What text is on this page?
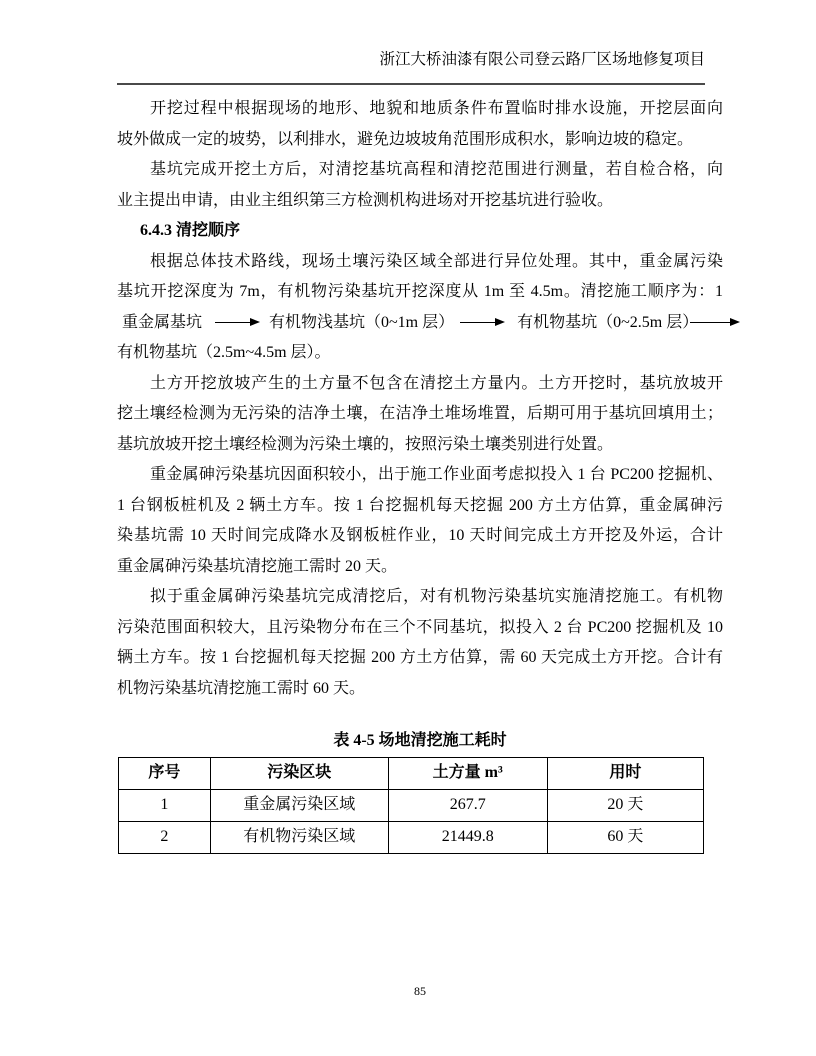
浙江大桥油漆有限公司登云路厂区场地修复项目
开挖过程中根据现场的地形、地貌和地质条件布置临时排水设施，开挖层面向
坡外做成一定的坡势，以利排水，避免边坡坡角范围形成积水，影响边坡的稳定。
基坑完成开挖土方后，对清挖基坑高程和清挖范围进行测量，若自检合格，向
业主提出申请，由业主组织第三方检测机构进场对开挖基坑进行验收。
6.4.3 清挖顺序
根据总体技术路线，现场土壤污染区域全部进行异位处理。其中，重金属污染
基坑开挖深度为 7m，有机物污染基坑开挖深度从 1m 至 4.5m。清挖施工顺序为：1
重金属基坑	有机物浅基坑（0~1m 层）	有机物基坑（0~2.5m 层）
有机物基坑（2.5m~4.5m 层）。
土方开挖放坡产生的土方量不包含在清挖土方量内。土方开挖时，基坑放坡开
挖土壤经检测为无污染的洁净土壤，在洁净土堆场堆置，后期可用于基坑回填用土；
基坑放坡开挖土壤经检测为污染土壤的，按照污染土壤类别进行处置。
重金属砷污染基坑因面积较小，出于施工作业面考虑拟投入 1 台 PC200 挖掘机、
1 台钢板桩机及 2 辆土方车。按 1 台挖掘机每天挖掘 200 方土方估算，重金属砷污
染基坑需 10 天时间完成降水及钢板桩作业，10 天时间完成土方开挖及外运，合计
重金属砷污染基坑清挖施工需时 20 天。
拟于重金属砷污染基坑完成清挖后，对有机物污染基坑实施清挖施工。有机物
污染范围面积较大，且污染物分布在三个不同基坑，拟投入 2 台 PC200 挖掘机及 10
辆土方车。按 1 台挖掘机每天挖掘 200 方土方估算，需 60 天完成土方开挖。合计有
机物污染基坑清挖施工需时 60 天。
表 4-5 场地清挖施工耗时
序号	污染区块	土方量 m³	用时
1	重金属污染区域	267.7	20 天
2	有机物污染区域	21449.8	60 天
85
